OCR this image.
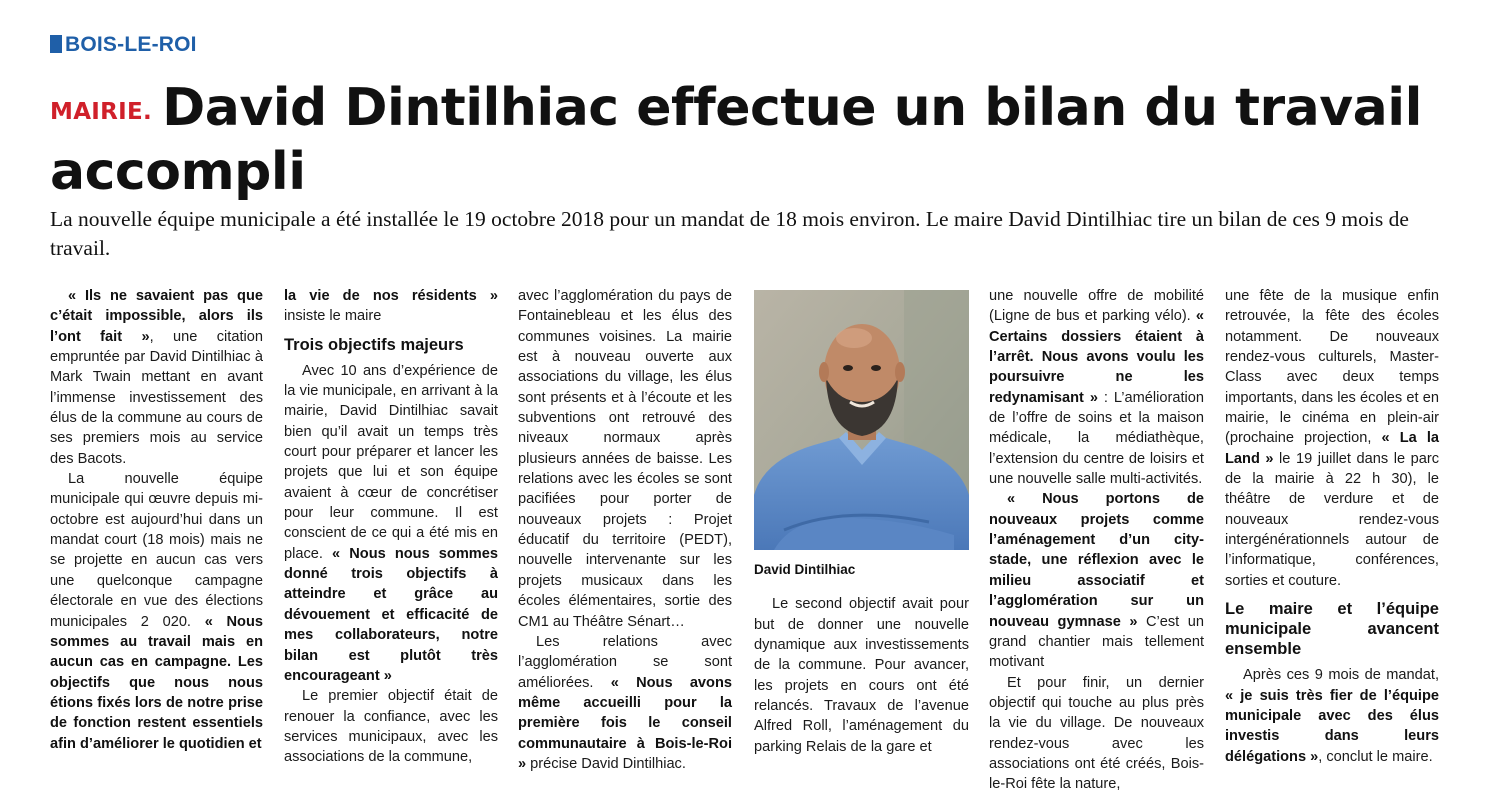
BOIS-LE-ROI
MAIRIE. David Dintilhiac effectue un bilan du travail accompli

La nouvelle équipe municipale a été installée le 19 octobre 2018 pour un mandat de 18 mois environ. Le maire David Dintilhiac tire un bilan de ces 9 mois de travail.

« Ils ne savaient pas que c’était impossible, alors ils l’ont fait », une citation empruntée par David Dintilhiac à Mark Twain mettant en avant l’immense investissement des élus de la commune au cours de ses premiers mois au service des Bacots.

La nouvelle équipe municipale qui œuvre depuis mi-octobre est aujourd’hui dans un mandat court (18 mois) mais ne se projette en aucun cas vers une quelconque campagne électorale en vue des élections municipales 2 020. « Nous sommes au travail mais en aucun cas en campagne. Les objectifs que nous nous étions fixés lors de notre prise de fonction restent essentiels afin d’améliorer le quotidien et

la vie de nos résidents » insiste le maire

Trois objectifs majeurs

Avec 10 ans d’expérience de la vie municipale, en arrivant à la mairie, David Dintilhiac savait bien qu’il avait un temps très court pour préparer et lancer les projets que lui et son équipe avaient à cœur de concrétiser pour leur commune. Il est conscient de ce qui a été mis en place. « Nous nous sommes donné trois objectifs à atteindre et grâce au dévouement et efficacité de mes collaborateurs, notre bilan est plutôt très encourageant »

Le premier objectif était de renouer la confiance, avec les services municipaux, avec les associations de la commune,

avec l’agglomération du pays de Fontainebleau et les élus des communes voisines. La mairie est à nouveau ouverte aux associations du village, les élus sont présents et à l’écoute et les subventions ont retrouvé des niveaux normaux après plusieurs années de baisse. Les relations avec les écoles se sont pacifiées pour porter de nouveaux projets : Projet éducatif du territoire (PEDT), nouvelle intervenante sur les projets musicaux dans les écoles élémentaires, sortie des CM1 au Théâtre Sénart…

Les relations avec l’agglomération se sont améliorées. « Nous avons même accueilli pour la première fois le conseil communautaire à Bois-le-Roi » précise David Dintilhiac.

David Dintilhiac

Le second objectif avait pour but de donner une nouvelle dynamique aux investissements de la commune. Pour avancer, les projets en cours ont été relancés. Travaux de l’avenue Alfred Roll, l’aménagement du parking Relais de la gare et

une nouvelle offre de mobilité (Ligne de bus et parking vélo). « Certains dossiers étaient à l’arrêt. Nous avons voulu les poursuivre ne les redynamisant » : L’amélioration de l’offre de soins et la maison médicale, la médiathèque, l’extension du centre de loisirs et une nouvelle salle multi-activités.

« Nous portons de nouveaux projets comme l’aménagement d’un city-stade, une réflexion avec le milieu associatif et l’agglomération sur un nouveau gymnase » C’est un grand chantier mais tellement motivant

Et pour finir, un dernier objectif qui touche au plus près la vie du village. De nouveaux rendez-vous avec les associations ont été créés, Bois-le-Roi fête la nature,

une fête de la musique enfin retrouvée, la fête des écoles notamment. De nouveaux rendez-vous culturels, Master-Class avec deux temps importants, dans les écoles et en mairie, le cinéma en plein-air (prochaine projection, « La la Land » le 19 juillet dans le parc de la mairie à 22 h 30), le théâtre de verdure et de nouveaux rendez-vous intergénérationnels autour de l’informatique, conférences, sorties et couture.

Le maire et l’équipe municipale avancent ensemble

Après ces 9 mois de mandat, « je suis très fier de l’équipe municipale avec des élus investis dans leurs délégations », conclut le maire.
